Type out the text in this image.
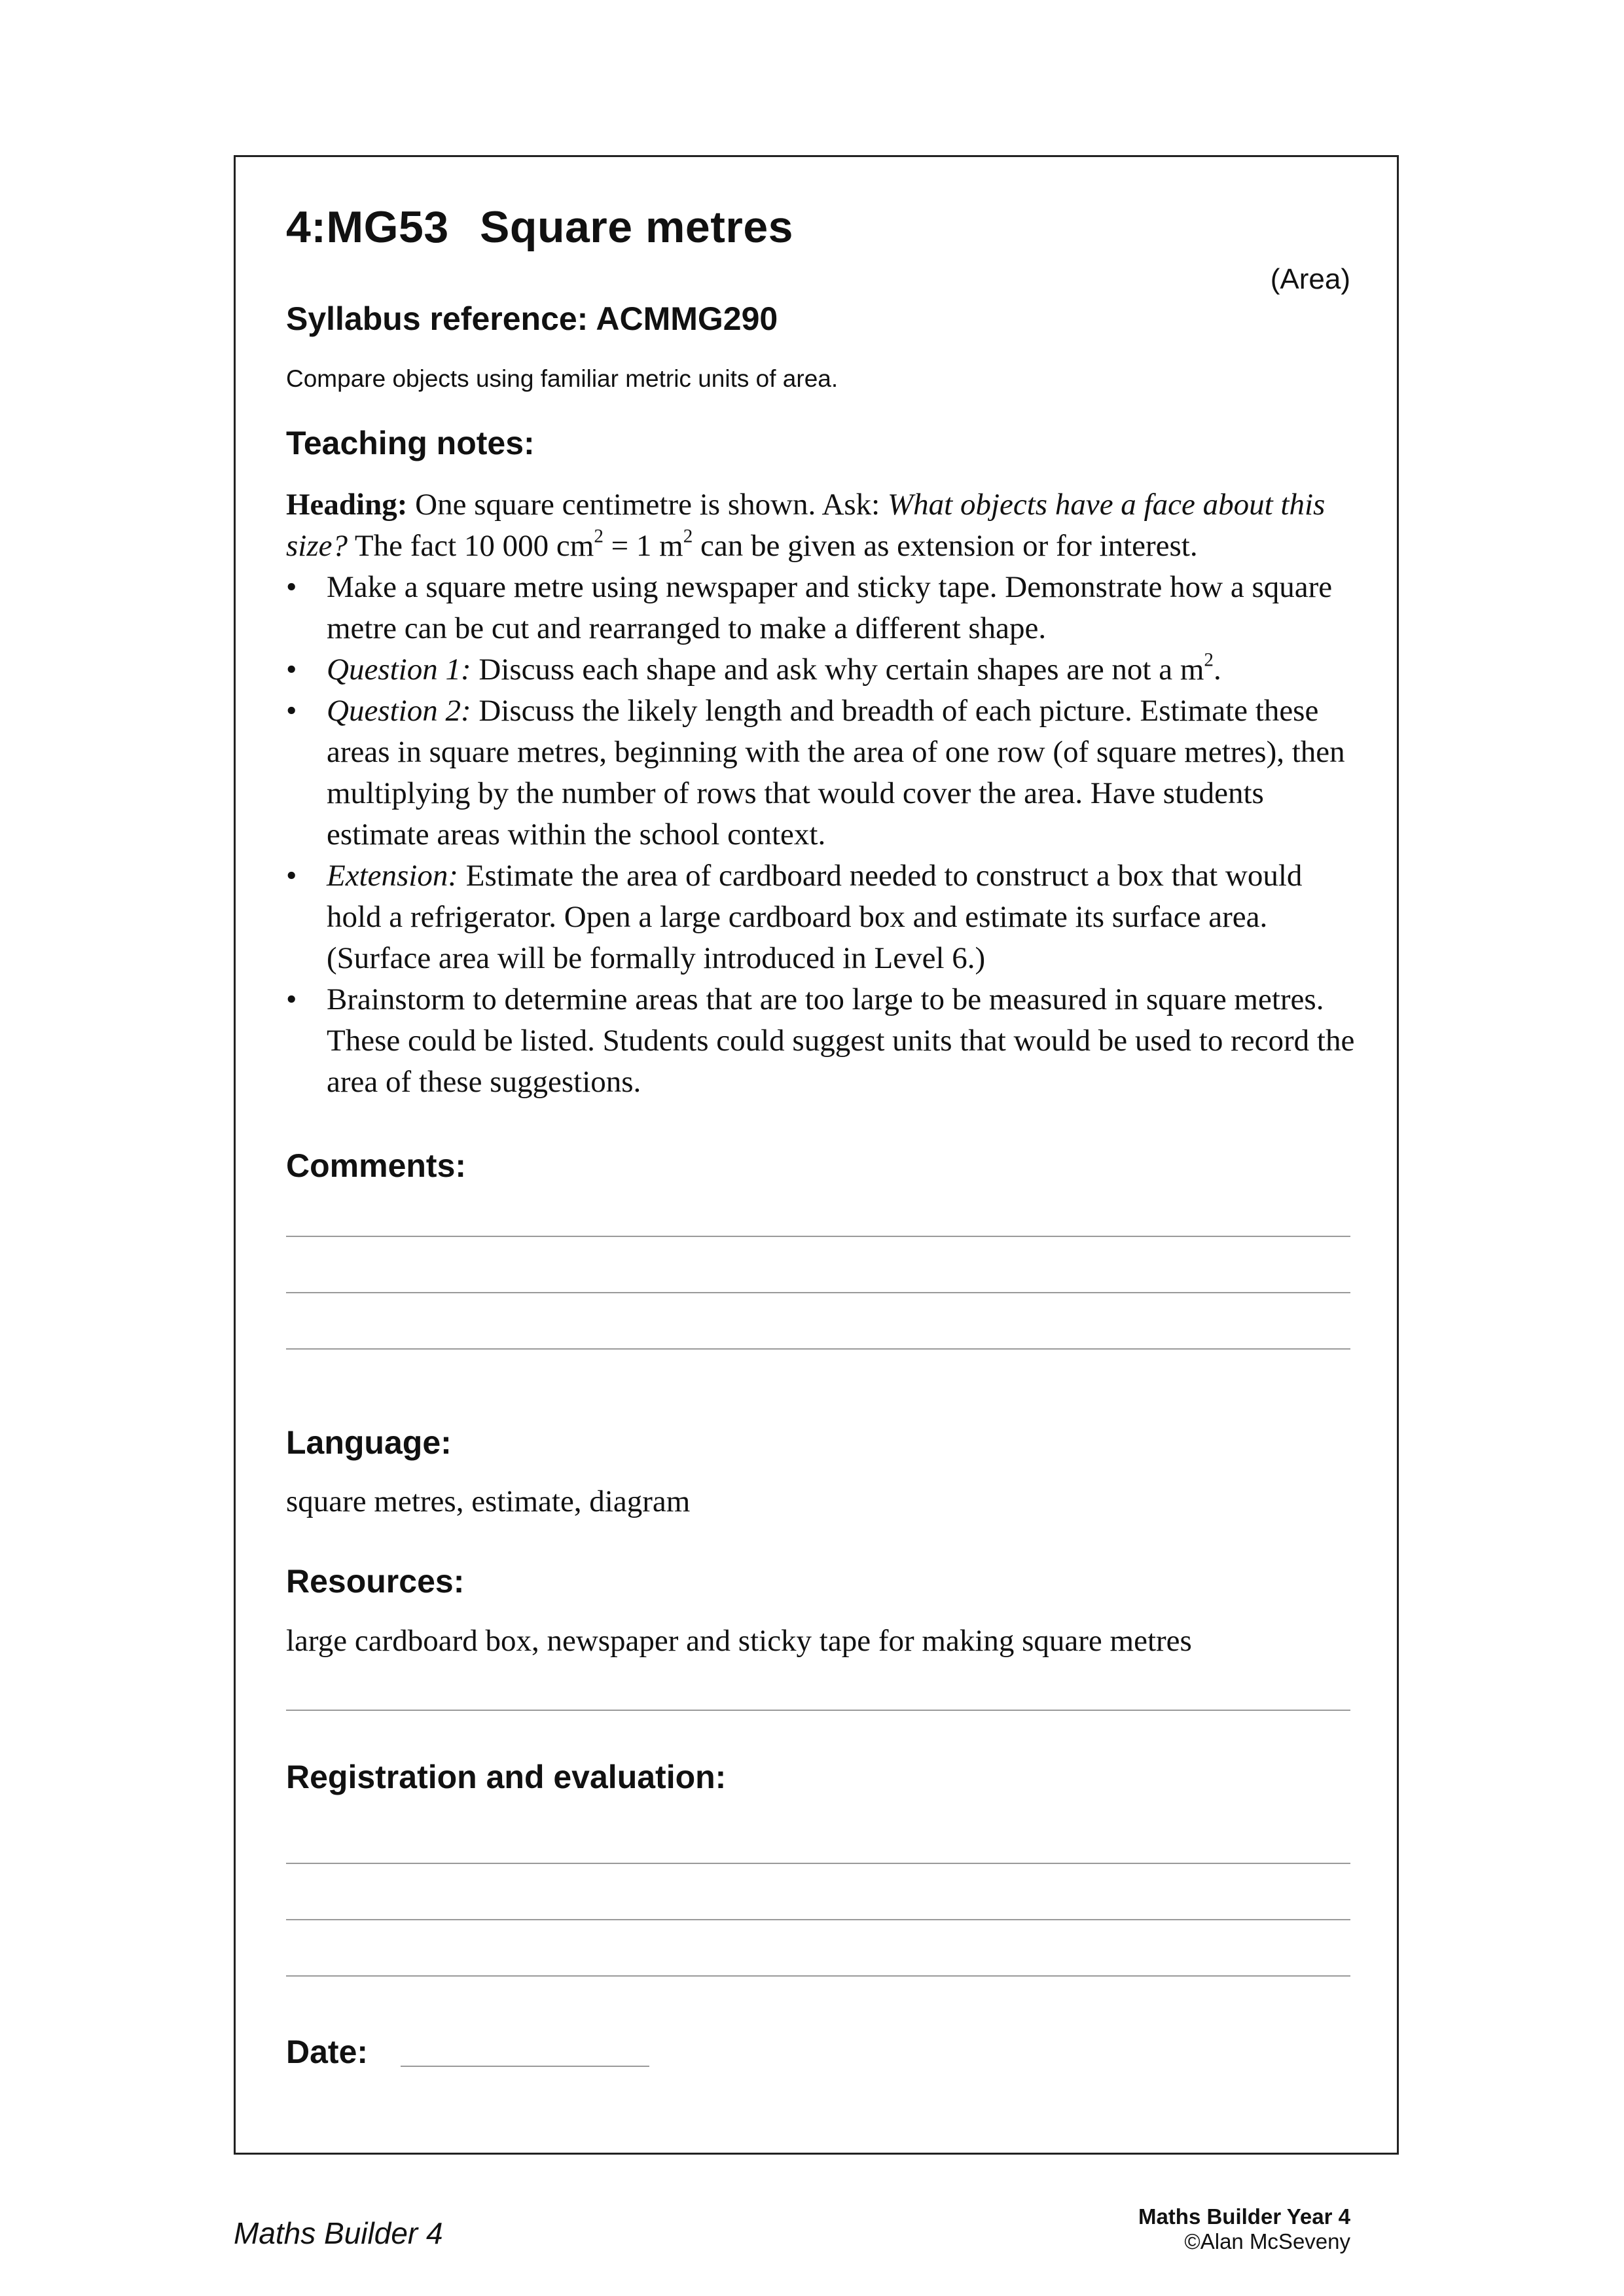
4:MG53 Square metres
(Area)
Syllabus reference: ACMMG290
Compare objects using familiar metric units of area.
Teaching notes:

Heading: One square centimetre is shown. Ask: What objects have a face about this size? The fact 10 000 $cm^2 = 1$ $m^2$ can be given as extension or for interest.

• Make a square metre using newspaper and sticky tape. Demonstrate how a square metre can be cut and rearranged to make a different shape.
• Question 1: Discuss each shape and ask why certain shapes are not a $m^2$.
• Question 2: Discuss the likely length and breadth of each picture. Estimate these areas in square metres, beginning with the area of one row (of square metres), then multiplying by the number of rows that would cover the area. Have students estimate areas within the school context.
• Extension: Estimate the area of cardboard needed to construct a box that would hold a refrigerator. Open a large cardboard box and estimate its surface area. (Surface area will be formally introduced in Level 6.)
• Brainstorm to determine areas that are too large to be measured in square metres. These could be listed. Students could suggest units that would be used to record the area of these suggestions.
Comments:
Language:
square metres, estimate, diagram
Resources:
large cardboard box, newspaper and sticky tape for making square metres
Registration and evaluation:
Date:
Maths Builder 4	Maths Builder Year 4
©Alan McSeveny
